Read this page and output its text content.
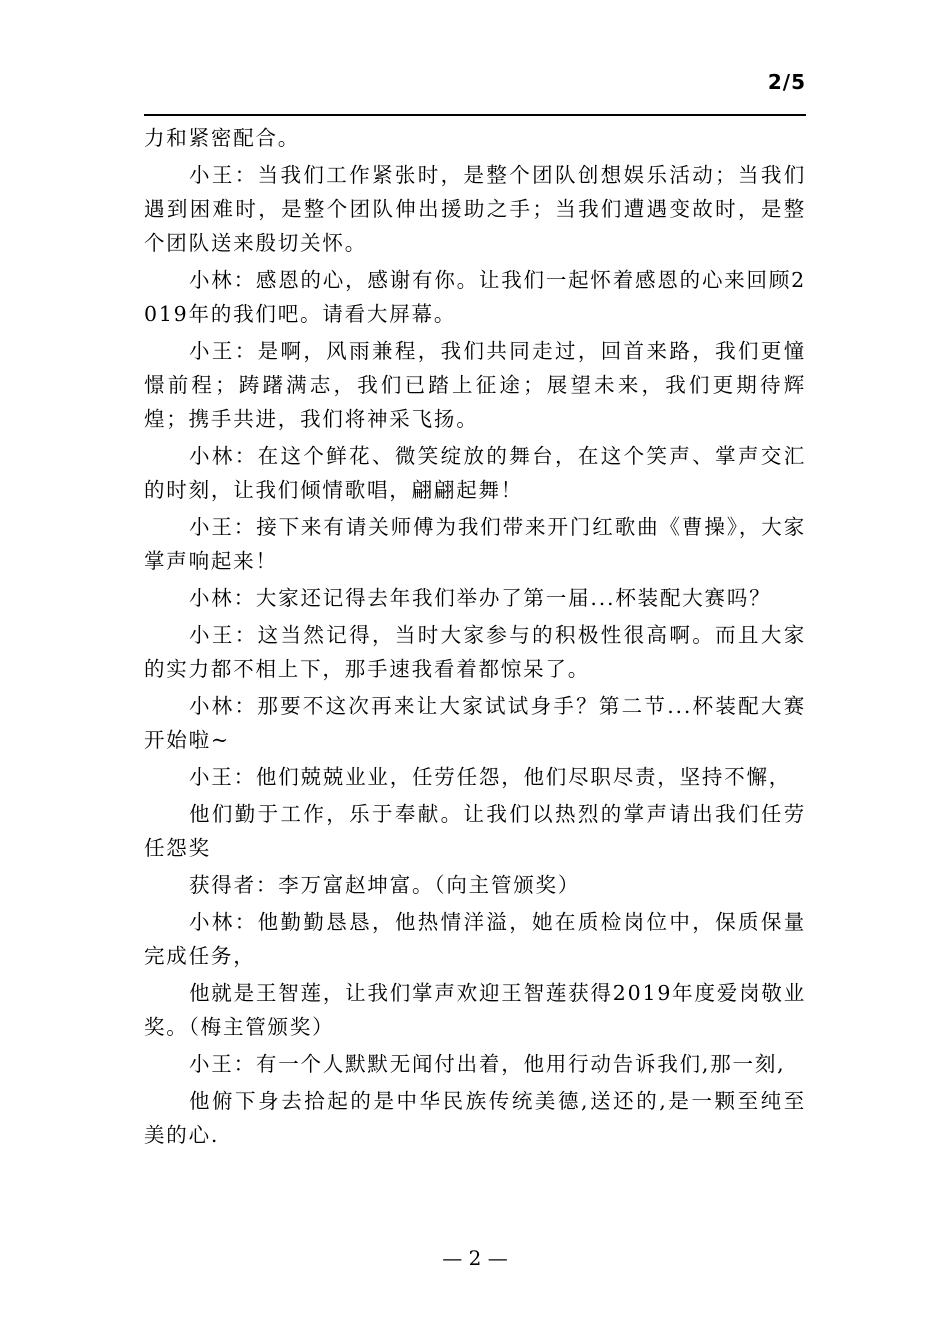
2/5

力和紧密配合。

小王：当我们工作紧张时，是整个团队创想娱乐活动；当我们遇到困难时，是整个团队伸出援助之手；当我们遭遇变故时，是整个团队送来殷切关怀。

小林：感恩的心，感谢有你。让我们一起怀着感恩的心来回顾2019年的我们吧。请看大屏幕。

小王：是啊，风雨兼程，我们共同走过，回首来路，我们更憧憬前程；踌躇满志，我们已踏上征途；展望未来，我们更期待辉煌；携手共进，我们将神采飞扬。

小林：在这个鲜花、微笑绽放的舞台，在这个笑声、掌声交汇的时刻，让我们倾情歌唱，翩翩起舞！

小王：接下来有请关师傅为我们带来开门红歌曲《曹操》，大家掌声响起来！

小林：大家还记得去年我们举办了第一届...杯装配大赛吗？

小王：这当然记得，当时大家参与的积极性很高啊。而且大家的实力都不相上下，那手速我看着都惊呆了。

小林：那要不这次再来让大家试试身手？第二节...杯装配大赛开始啦~

小王：他们兢兢业业，任劳任怨，他们尽职尽责，坚持不懈，

他们勤于工作，乐于奉献。让我们以热烈的掌声请出我们任劳任怨奖

获得者：李万富赵坤富。（向主管颁奖）

小林：他勤勤恳恳，他热情洋溢，她在质检岗位中，保质保量完成任务，

他就是王智莲，让我们掌声欢迎王智莲获得2019年度爱岗敬业奖。（梅主管颁奖）

小王：有一个人默默无闻付出着，他用行动告诉我们,那一刻,

他俯下身去拾起的是中华民族传统美德,送还的,是一颗至纯至美的心.

— 2 —
